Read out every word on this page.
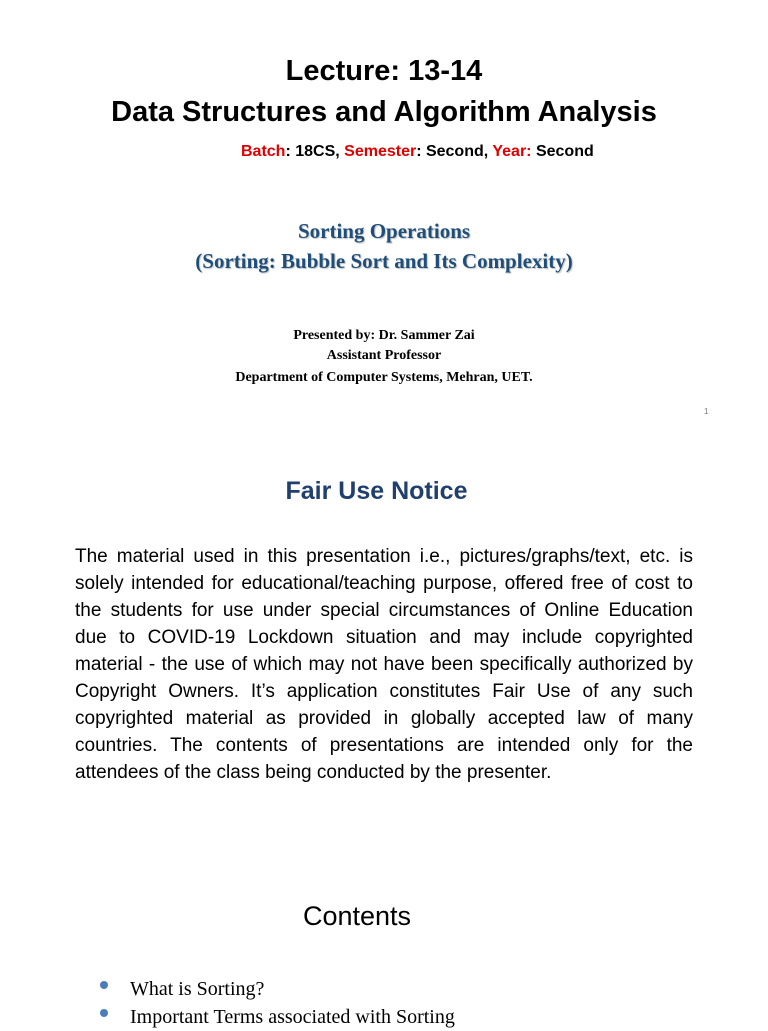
Lecture: 13-14
Data Structures and Algorithm Analysis
Batch: 18CS, Semester: Second, Year: Second
Sorting Operations
(Sorting: Bubble Sort and Its Complexity)
Presented by: Dr. Sammer Zai
Assistant Professor
Department of Computer Systems, Mehran, UET.
1
Fair Use Notice

The material used in this presentation i.e., pictures/graphs/text, etc. is solely intended for educational/teaching purpose, offered free of cost to the students for use under special circumstances of Online Education due to COVID-19 Lockdown situation and may include copyrighted material - the use of which may not have been specifically authorized by Copyright Owners. It’s application constitutes Fair Use of any such copyrighted material as provided in globally accepted law of many countries. The contents of presentations are intended only for the attendees of the class being conducted by the presenter.

Contents
What is Sorting?
Important Terms associated with Sorting
